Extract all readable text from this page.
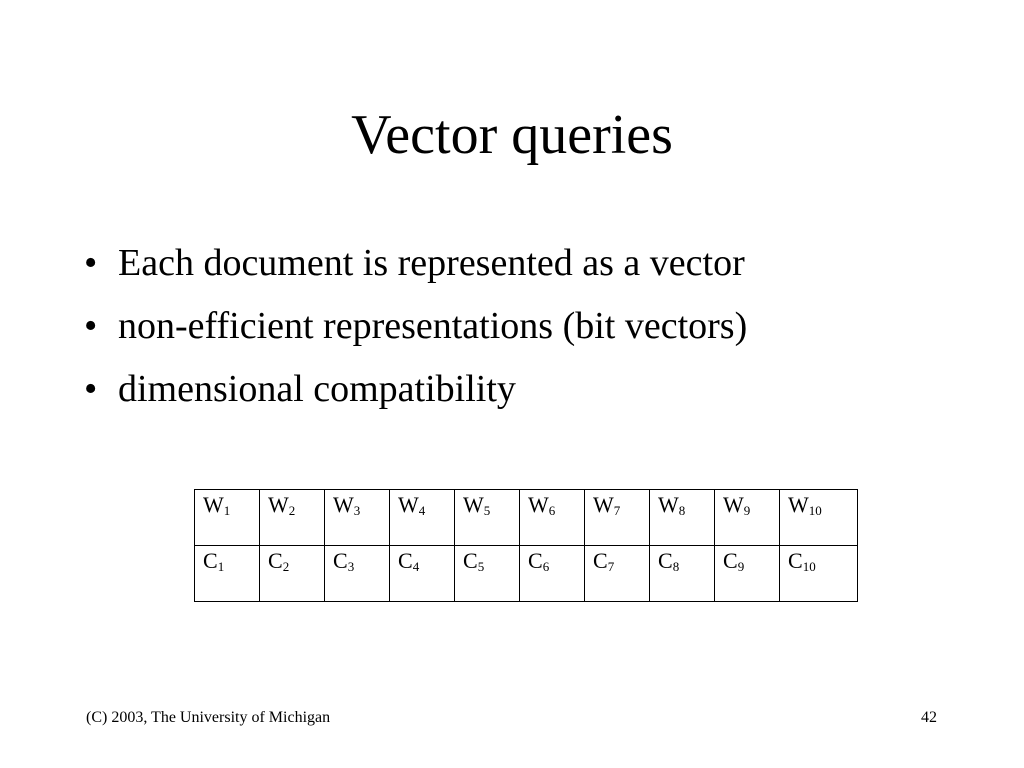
Vector queries
• Each document is represented as a vector
• non-efficient representations (bit vectors)
• dimensional compatibility
$W_1$	$W_2$	$W_3$	$W_4$	$W_5$	$W_6$	$W_7$	$W_8$	$W_9$	$W_{10}$
$C_1$	$C_2$	$C_3$	$C_4$	$C_5$	$C_6$	$C_7$	$C_8$	$C_9$	$C_{10}$
(C) 2003, The University of Michigan	42
